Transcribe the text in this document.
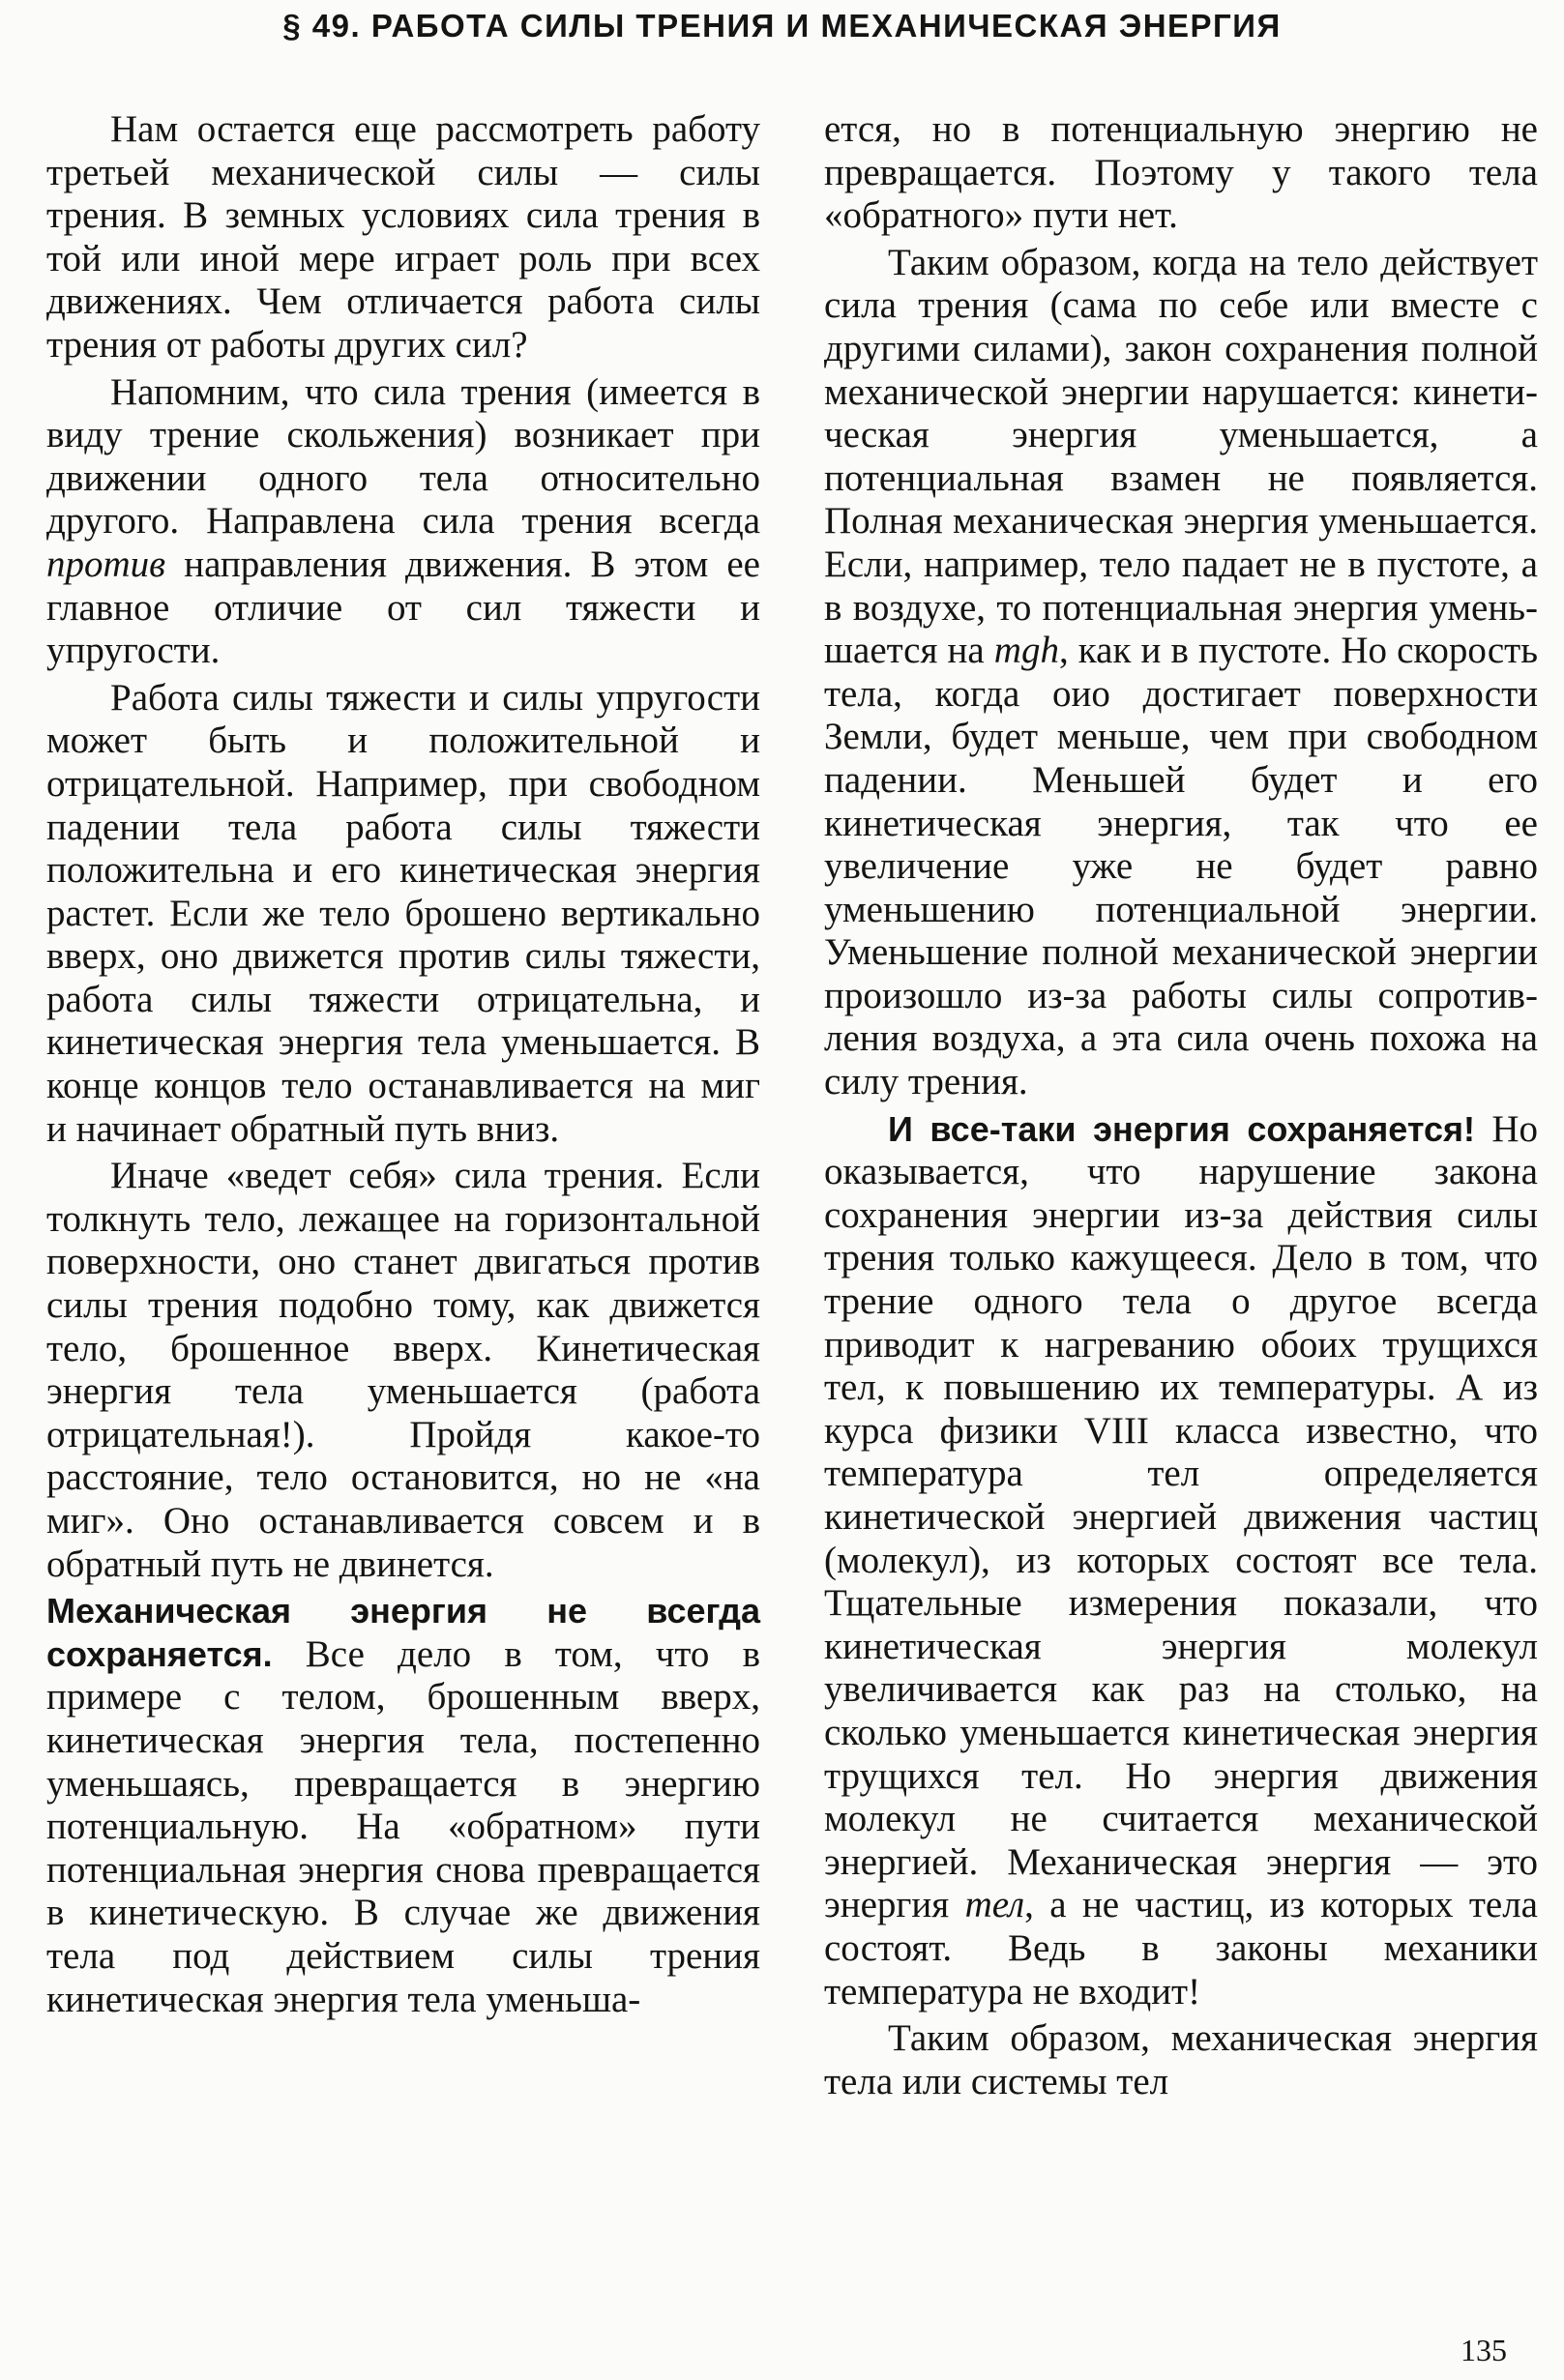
§ 49. РАБОТА СИЛЫ ТРЕНИЯ И МЕХАНИЧЕСКАЯ ЭНЕРГИЯ

Нам остается еще рассмотреть работу третьей механической силы — силы трения. В земных условиях сила трения в той или иной мере играет роль при всех движениях. Чем отличается работа силы трения от работы других сил?

Напомним, что сила трения (имеется в виду трение скольжения) возникает при движении одного тела относительно другого. Направлена сила трения всегда против направления движения. В этом ее главное отличие от сил тяжести и упругости.

Работа силы тяжести и силы упругости может быть и положительной и отрицательной. Например, при свободном падении тела работа силы тяжести положительна и его кинетическая энергия растет. Если же тело брошено вертикально вверх, оно движется против силы тяжести, работа силы тяжести отрицательна, и кинетическая энергия тела уменьшается. В конце концов тело останавливается на миг и начинает обратный путь вниз.

Иначе «ведет себя» сила трения. Если толкнуть тело, лежащее на горизонтальной поверхности, оно станет двигаться против силы трения подобно тому, как движется тело, брошенное вверх. Кинетическая энергия тела уменьшается (работа отрицательная!). Пройдя какое-то расстояние, тело остановится, но не «на миг». Оно останавливается совсем и в обратный путь не двинется.

Механическая энергия не всегда сохраняется. Все дело в том, что в примере с телом, брошенным вверх, кинетическая энергия тела, постепенно уменьшаясь, превращается в энергию потенциальную. На «обратном» пути потенциальная энергия снова превращается в кинетическую. В случае же движения тела под действием силы трения кинетическая энергия тела уменьша-

ется, но в потенциальную энергию не превращается. Поэтому у такого тела «обратного» пути нет.

Таким образом, когда на тело действует сила трения (сама по себе или вместе с другими силами), закон сохранения полной механической энергии нарушается: кинетическая энергия уменьшается, а потенциальная взамен не появляется. Полная механическая энергия уменьшается. Если, например, тело падает не в пустоте, а в воздухе, то потенциальная энергия уменьшается на mgh, как и в пустоте. Но скорость тела, когда оио достигает поверхности Земли, будет меньше, чем при свободном падении. Меньшей будет и его кинетическая энергия, так что ее увеличение уже не будет равно уменьшению потенциальной энергии. Уменьшение полной механической энергии произошло из-за работы силы сопротивления воздуха, а эта сила очень похожа на силу трения.

И все-таки энергия сохраняется! Но оказывается, что нарушение закона сохранения энергии из-за действия силы трения только кажущееся. Дело в том, что трение одного тела о другое всегда приводит к нагреванию обоих трущихся тел, к повышению их температуры. А из курса физики VIII класса известно, что температура тел определяется кинетической энергией движения частиц (молекул), из которых состоят все тела. Тщательные измерения показали, что кинетическая энергия молекул увеличивается как раз на столько, на сколько уменьшается кинетическая энергия трущихся тел. Но энергия движения молекул не считается механической энергией. Механическая энергия — это энергия тел, а не частиц, из которых тела состоят. Ведь в законы механики температура не входит!

Таким образом, механическая энергия тела или системы тел

135
